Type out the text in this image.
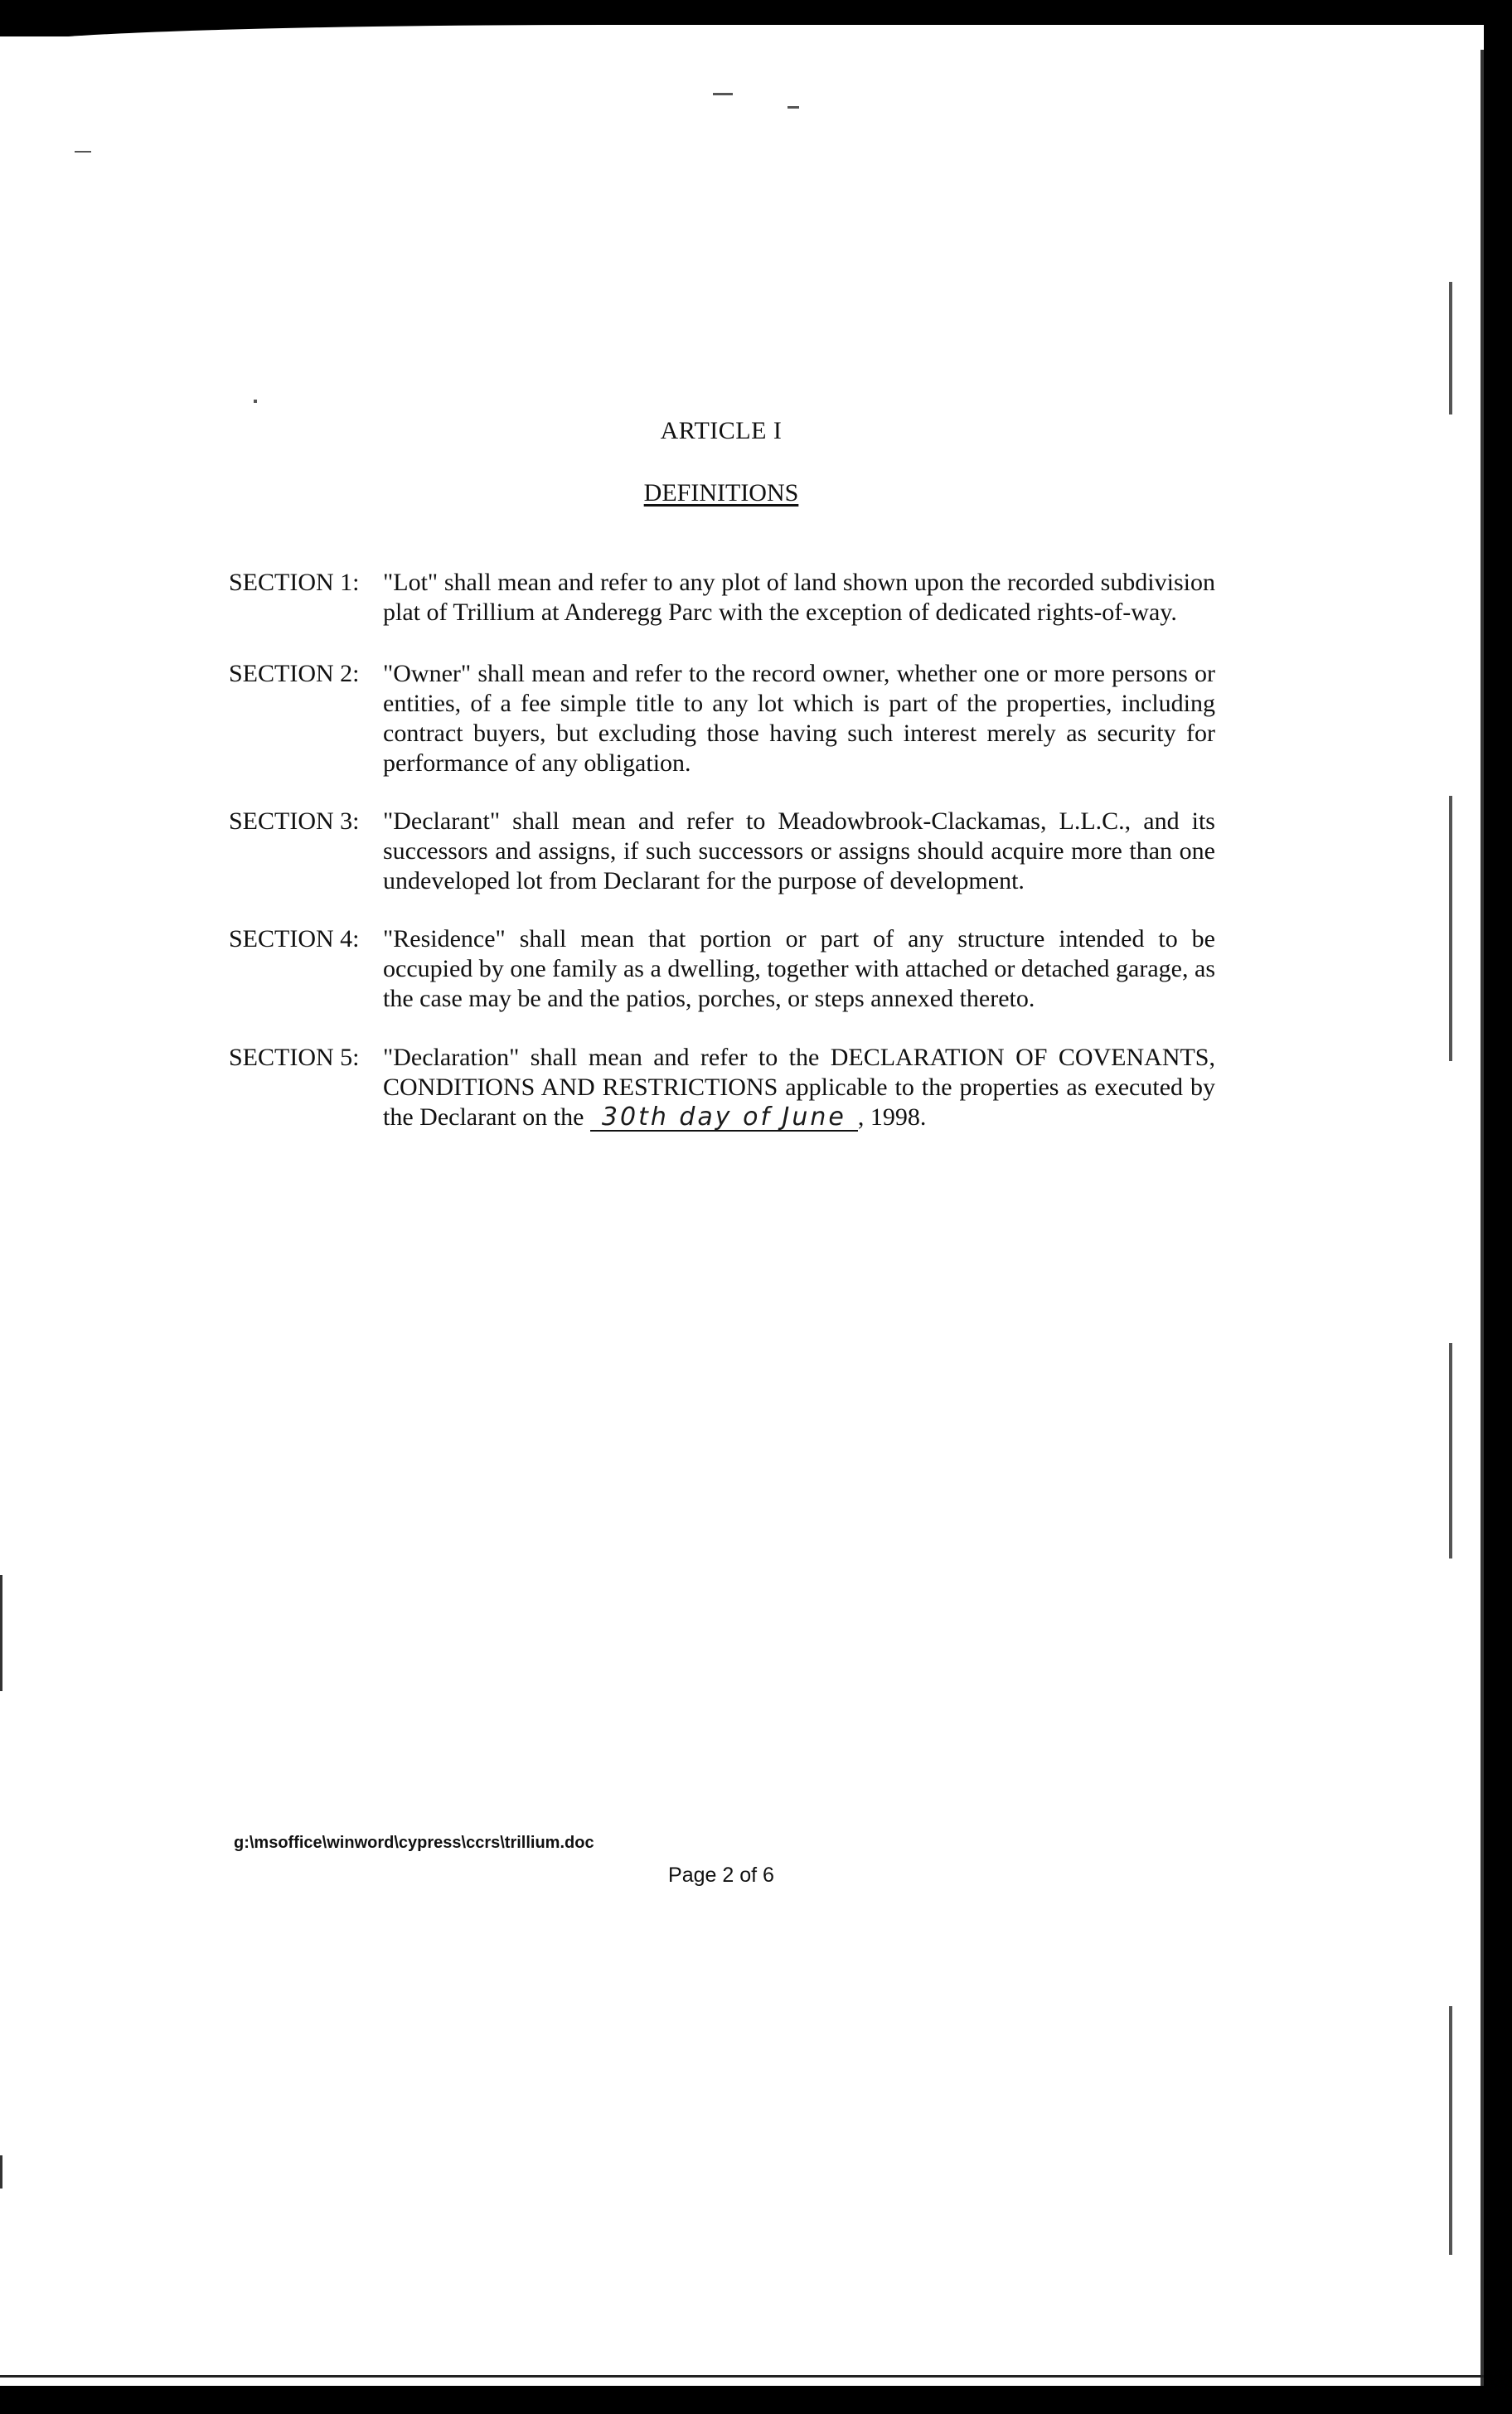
ARTICLE I
DEFINITIONS
SECTION 1: "Lot" shall mean and refer to any plot of land shown upon the recorded subdivision plat of Trillium at Anderegg Parc with the exception of dedicated rights-of-way.
SECTION 2: "Owner" shall mean and refer to the record owner, whether one or more persons or entities, of a fee simple title to any lot which is part of the properties, including contract buyers, but excluding those having such interest merely as security for performance of any obligation.
SECTION 3: "Declarant" shall mean and refer to Meadowbrook-Clackamas, L.L.C., and its successors and assigns, if such successors or assigns should acquire more than one undeveloped lot from Declarant for the purpose of development.
SECTION 4: "Residence" shall mean that portion or part of any structure intended to be occupied by one family as a dwelling, together with attached or detached garage, as the case may be and the patios, porches, or steps annexed thereto.
SECTION 5: "Declaration" shall mean and refer to the DECLARATION OF COVENANTS, CONDITIONS AND RESTRICTIONS applicable to the properties as executed by the Declarant on the 30th day of June , 1998.
g:\msoffice\winword\cypress\ccrs\trillium.doc
Page 2 of 6
